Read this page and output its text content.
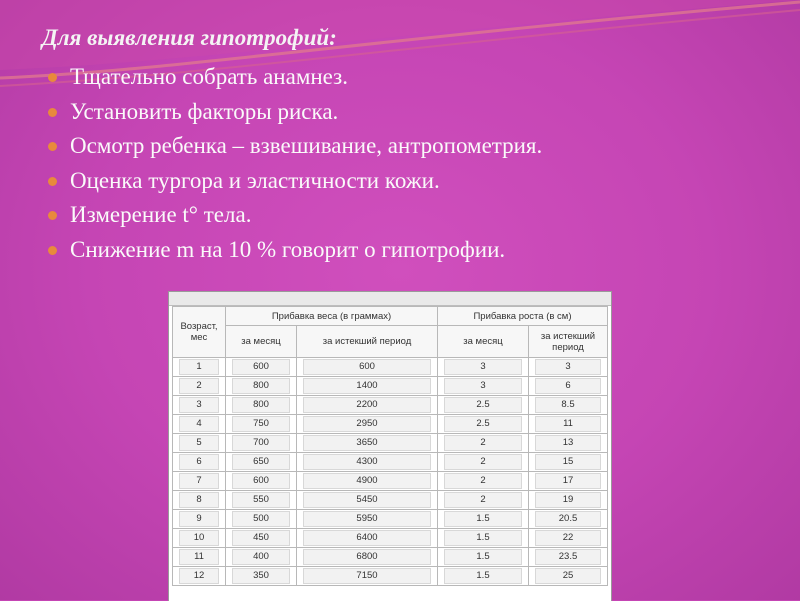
Для выявления гипотрофий:
Тщательно собрать анамнез.
Установить факторы риска.
Осмотр ребенка – взвешивание, антропометрия.
Оценка тургора и эластичности кожи.
Измерение t° тела.
Снижение m на 10 % говорит о гипотрофии.
Возраст, мес	Прибавка веса (в граммах)		Прибавка роста (в см)	
	за месяц	за истекший период	за месяц	за истекший период

1	600	600	3	3

2	800	1400	3	6

3	800	2200	2.5	8.5

4	750	2950	2.5	11

5	700	3650	2	13

6	650	4300	2	15

7	600	4900	2	17

8	550	5450	2	19

9	500	5950	1.5	20.5

10	450	6400	1.5	22

11	400	6800	1.5	23.5

12	350	7150	1.5	25
